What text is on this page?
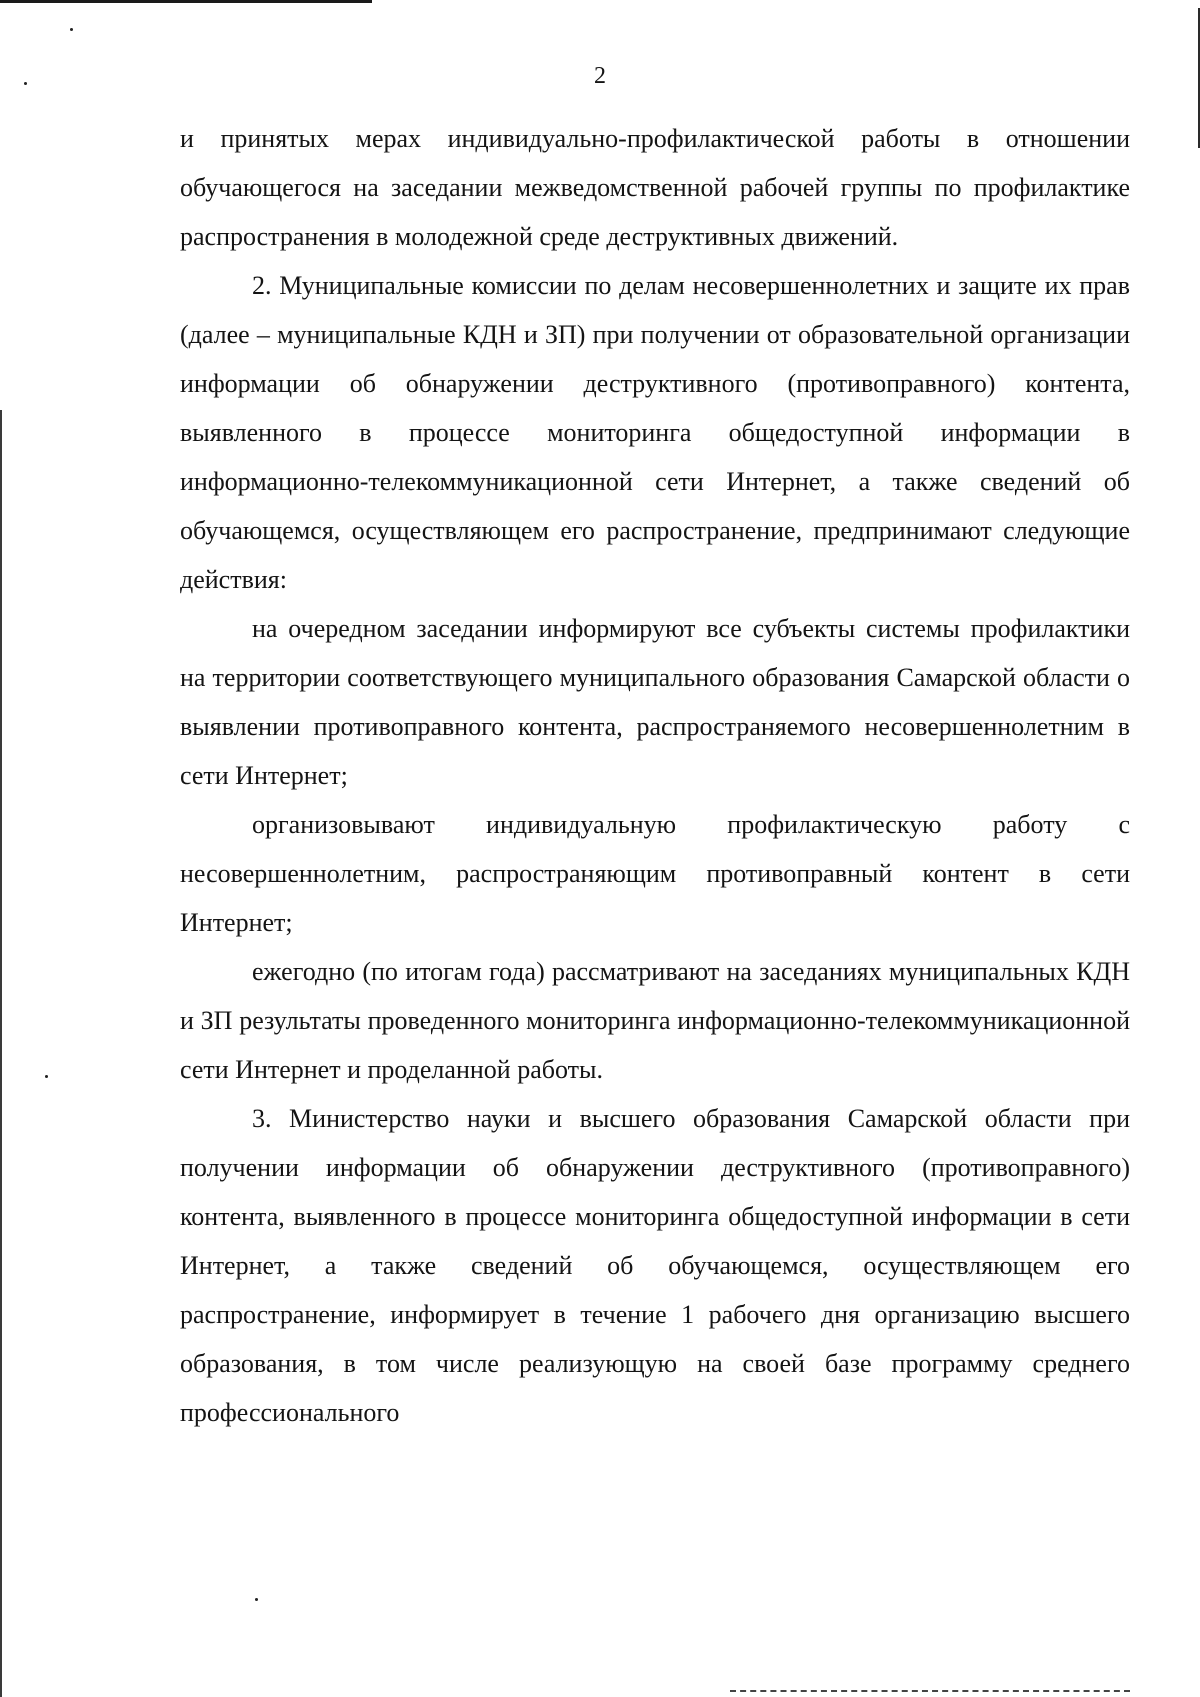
2

и принятых мерах индивидуально-профилактической работы в отношении обучающегося на заседании межведомственной рабочей группы по профилактике распространения в молодежной среде деструктивных движений.

2. Муниципальные комиссии по делам несовершеннолетних и защите их прав (далее – муниципальные КДН и ЗП) при получении от образовательной организации информации об обнаружении деструктивного (противоправного) контента, выявленного в процессе мониторинга общедоступной информации в информационно-телекоммуникационной сети Интернет, а также сведений об обучающемся, осуществляющем его распространение, предпринимают следующие действия:

на очередном заседании информируют все субъекты системы профилактики на территории соответствующего муниципального образования Самарской области о выявлении противоправного контента, распространяемого несовершеннолетним в сети Интернет;

организовывают индивидуальную профилактическую работу с несовершеннолетним, распространяющим противоправный контент в сети Интернет;

ежегодно (по итогам года) рассматривают на заседаниях муниципальных КДН и ЗП результаты проведенного мониторинга информационно-телекоммуникационной сети Интернет и проделанной работы.

3. Министерство науки и высшего образования Самарской области при получении информации об обнаружении деструктивного (противоправного) контента, выявленного в процессе мониторинга общедоступной информации в сети Интернет, а также сведений об обучающемся, осуществляющем его распространение, информирует в течение 1 рабочего дня организацию высшего образования, в том числе реализующую на своей базе программу среднего профессионального
